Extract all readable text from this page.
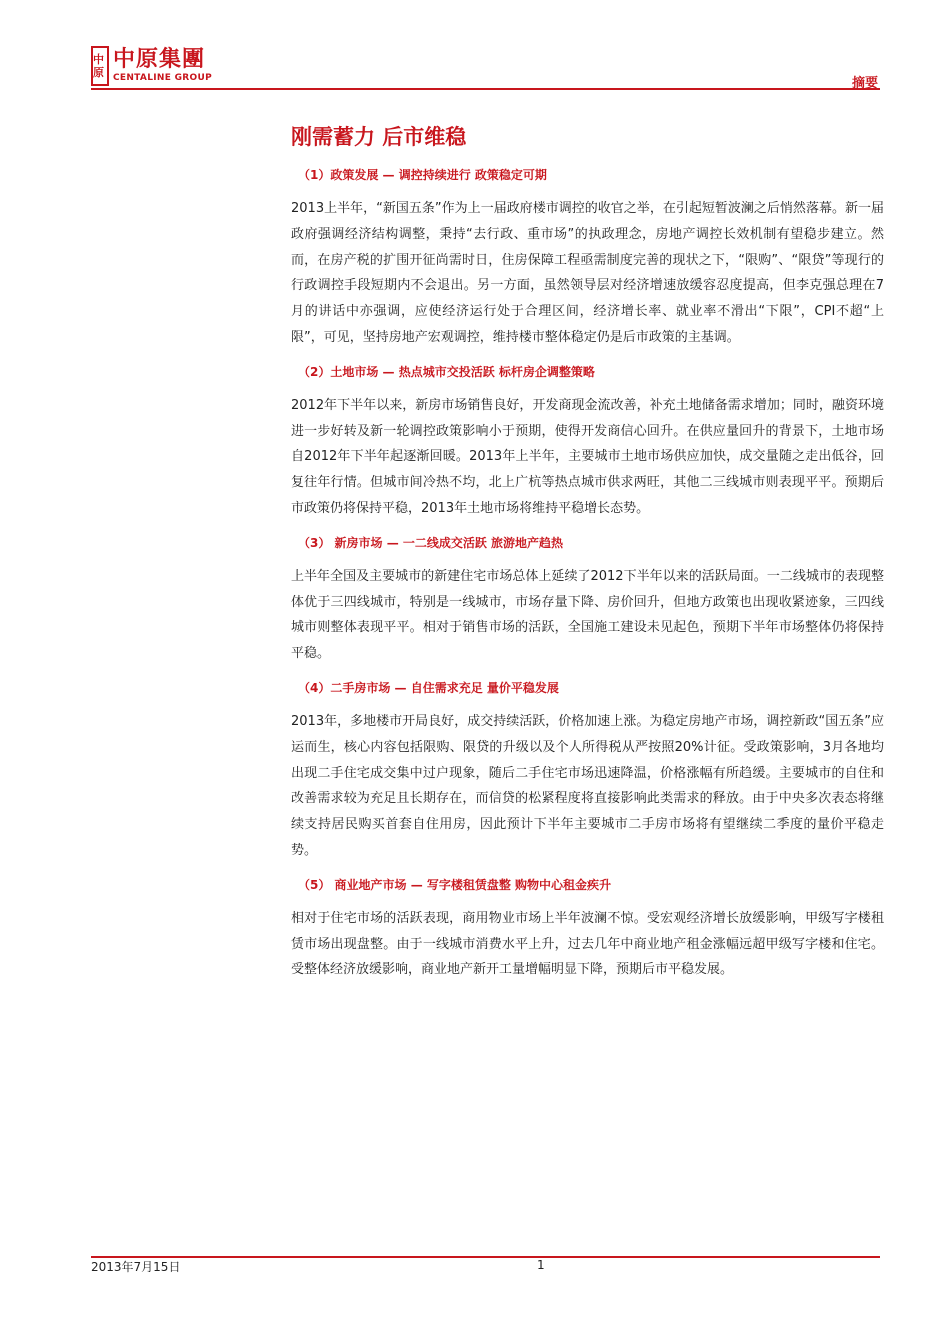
中原
中原集團
CENTALINE GROUP	摘要
刚需蓄力 后市维稳
（1）政策发展 — 调控持续进行 政策稳定可期

2013上半年，“新国五条”作为上一届政府楼市调控的收官之举，在引起短暂波澜之后悄然落幕。新一届政府强调经济结构调整，秉持“去行政、重市场”的执政理念，房地产调控长效机制有望稳步建立。然而，在房产税的扩围开征尚需时日，住房保障工程亟需制度完善的现状之下，“限购”、“限贷”等现行的行政调控手段短期内不会退出。另一方面，虽然领导层对经济增速放缓容忍度提高，但李克强总理在7月的讲话中亦强调，应使经济运行处于合理区间，经济增长率、就业率不滑出“下限”，CPI不超“上限”，可见，坚持房地产宏观调控，维持楼市整体稳定仍是后市政策的主基调。

（2）土地市场 — 热点城市交投活跃 标杆房企调整策略

2012年下半年以来，新房市场销售良好，开发商现金流改善，补充土地储备需求增加；同时，融资环境进一步好转及新一轮调控政策影响小于预期，使得开发商信心回升。在供应量回升的背景下，土地市场自2012年下半年起逐渐回暖。2013年上半年，主要城市土地市场供应加快，成交量随之走出低谷，回复往年行情。但城市间冷热不均，北上广杭等热点城市供求两旺，其他二三线城市则表现平平。预期后市政策仍将保持平稳，2013年土地市场将维持平稳增长态势。

（3） 新房市场 — 一二线成交活跃 旅游地产趋热

上半年全国及主要城市的新建住宅市场总体上延续了2012下半年以来的活跃局面。一二线城市的表现整体优于三四线城市，特别是一线城市，市场存量下降、房价回升，但地方政策也出现收紧迹象，三四线城市则整体表现平平。相对于销售市场的活跃，全国施工建设未见起色，预期下半年市场整体仍将保持平稳。

（4）二手房市场 — 自住需求充足 量价平稳发展

2013年，多地楼市开局良好，成交持续活跃，价格加速上涨。为稳定房地产市场，调控新政“国五条”应运而生，核心内容包括限购、限贷的升级以及个人所得税从严按照20%计征。受政策影响，3月各地均出现二手住宅成交集中过户现象，随后二手住宅市场迅速降温，价格涨幅有所趋缓。主要城市的自住和改善需求较为充足且长期存在，而信贷的松紧程度将直接影响此类需求的释放。由于中央多次表态将继续支持居民购买首套自住用房，因此预计下半年主要城市二手房市场将有望继续二季度的量价平稳走势。

（5） 商业地产市场 — 写字楼租赁盘整 购物中心租金疾升

相对于住宅市场的活跃表现，商用物业市场上半年波澜不惊。受宏观经济增长放缓影响，甲级写字楼租赁市场出现盘整。由于一线城市消费水平上升，过去几年中商业地产租金涨幅远超甲级写字楼和住宅。受整体经济放缓影响，商业地产新开工量增幅明显下降，预期后市平稳发展。

2013年7月15日	1
